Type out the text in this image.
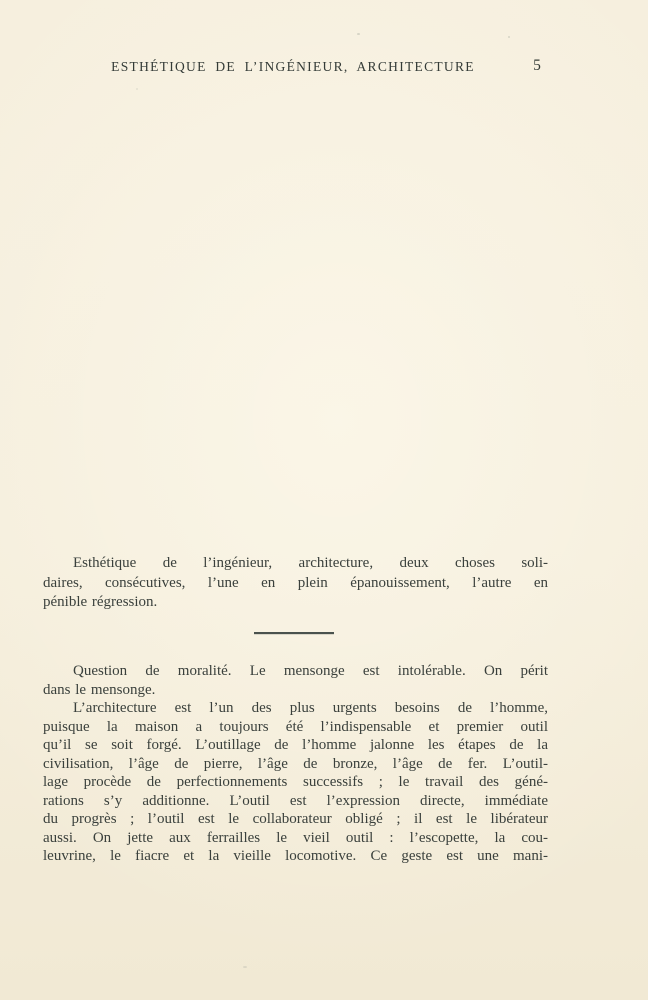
ESTHÉTIQUE DE L’INGÉNIEUR, ARCHITECTURE	5
Esthétique de l’ingénieur, architecture, deux choses soli-
daires, consécutives, l’une en plein épanouissement, l’autre en
pénible régression.
Question de moralité. Le mensonge est intolérable. On périt
dans le mensonge.
L’architecture est l’un des plus urgents besoins de l’homme,
puisque la maison a toujours été l’indispensable et premier outil
qu’il se soit forgé. L’outillage de l’homme jalonne les étapes de la
civilisation, l’âge de pierre, l’âge de bronze, l’âge de fer. L’outil-
lage procède de perfectionnements successifs ; le travail des géné-
rations s’y additionne. L’outil est l’expression directe, immédiate
du progrès ; l’outil est le collaborateur obligé ; il est le libérateur
aussi. On jette aux ferrailles le vieil outil : l’escopette, la cou-
leuvrine, le fiacre et la vieille locomotive. Ce geste est une mani-
